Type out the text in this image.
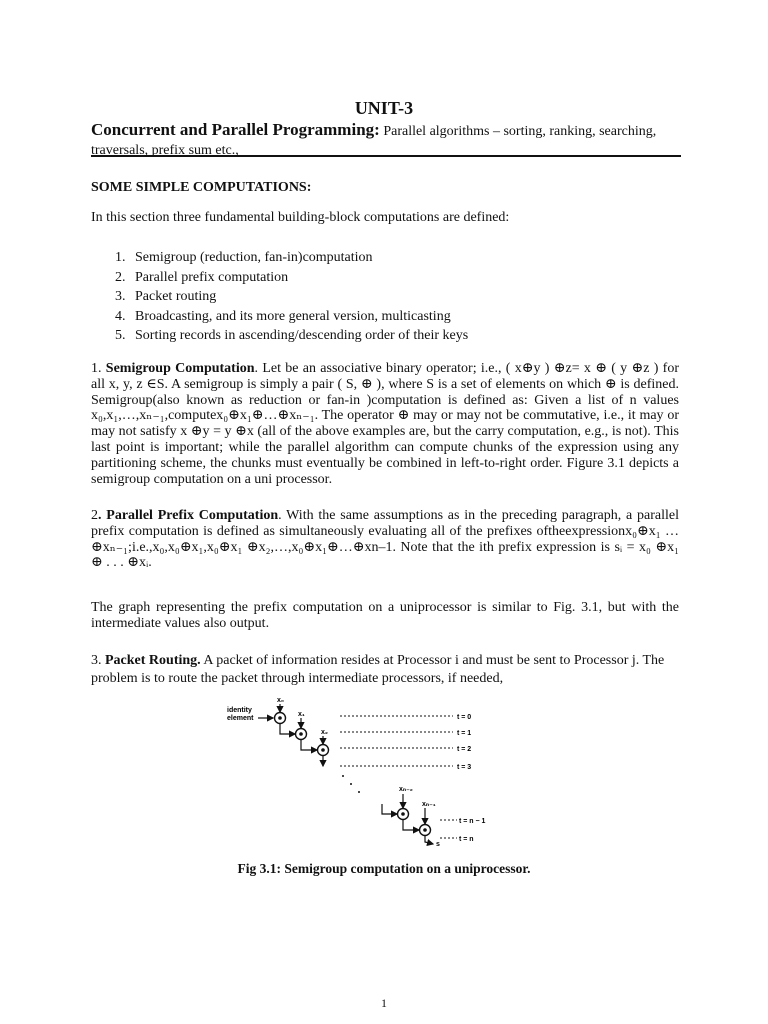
UNIT-3
Concurrent and Parallel Programming: Parallel algorithms – sorting, ranking, searching, traversals, prefix sum etc.,
SOME SIMPLE COMPUTATIONS:
In this section three fundamental building-block computations are defined:
1. Semigroup (reduction, fan-in)computation
2. Parallel prefix computation
3. Packet routing
4. Broadcasting, and its more general version, multicasting
5. Sorting records in ascending/descending order of their keys
1. Semigroup Computation. Let be an associative binary operator; i.e., ( x⊕y ) ⊕z= x ⊕ ( y ⊕z ) for all x, y, z ∈S. A semigroup is simply a pair ( S, ⊕ ), where S is a set of elements on which ⊕ is defined. Semigroup(also known as reduction or fan-in )computation is defined as: Given a list of n values x₀,x₁,…,xₙ₋₁,computex₀⊕x₁⊕…⊕xₙ₋₁. The operator ⊕ may or may not be commutative, i.e., it may or may not satisfy x ⊕y = y ⊕x (all of the above examples are, but the carry computation, e.g., is not). This last point is important; while the parallel algorithm can compute chunks of the expression using any partitioning scheme, the chunks must eventually be combined in left-to-right order. Figure 3.1 depicts a semigroup computation on a uni processor.
2. Parallel Prefix Computation. With the same assumptions as in the preceding paragraph, a parallel prefix computation is defined as simultaneously evaluating all of the prefixes oftheexpressionx₀⊕x₁ …⊕xₙ₋₁;i.e.,x₀,x₀⊕x₁,x₀⊕x₁ ⊕x₂,…,x₀⊕x₁⊕…⊕xn–1. Note that the ith prefix expression is sᵢ = x₀ ⊕x₁ ⊕ . . . ⊕xᵢ.
The graph representing the prefix computation on a uniprocessor is similar to Fig. 3.1, but with the intermediate values also output.
3. Packet Routing. A packet of information resides at Processor i and must be sent to Processor j. The problem is to route the packet through intermediate processors, if needed,
identity
element
x₀
x₁
x₂
xₙ₋₂
xₙ₋₁
t = 0
t = 1
t = 2
t = 3
t = n − 1
t = n
s
Fig 3.1: Semigroup computation on a uniprocessor.
1
